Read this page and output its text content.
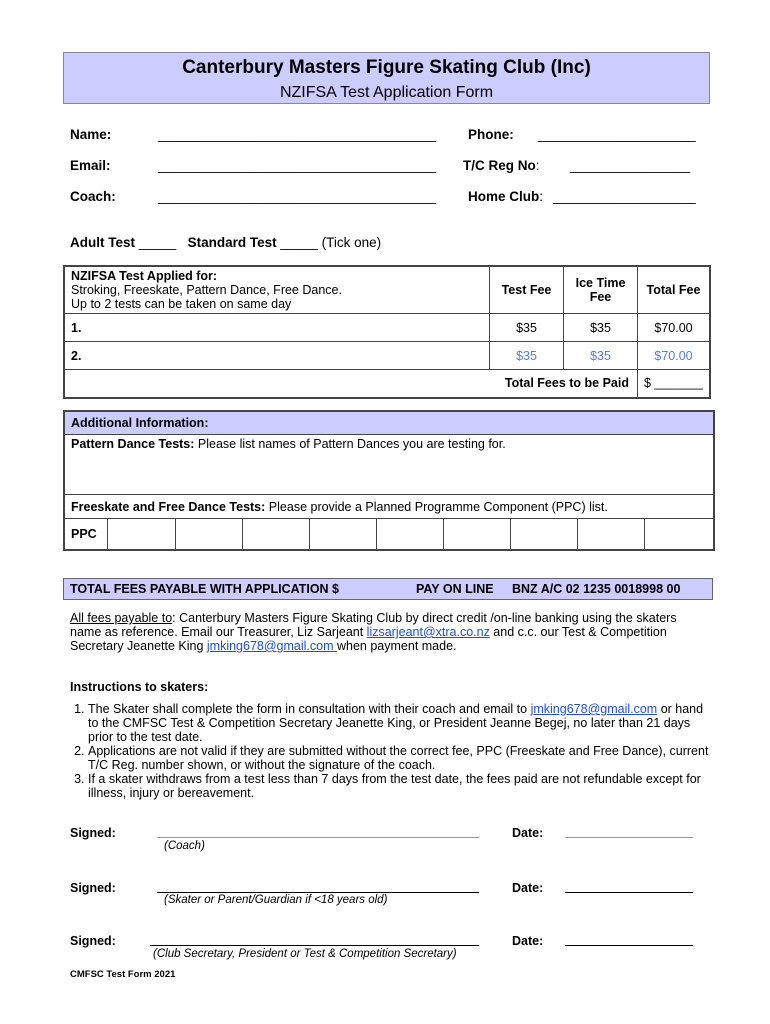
Canterbury Masters Figure Skating Club (Inc)
NZIFSA Test Application Form
Name:	_____________________________________ Phone: _____________________
Email:	_____________________________________ T/C Reg No: ________________
Coach:	_____________________________________ Home Club: ___________________
Adult Test _____ Standard Test _____ (Tick one)
NZIFSA Test Applied for:
Stroking, Freeskate, Pattern Dance, Free Dance.
Up to 2 tests can be taken on same day	Test Fee	Ice Time Fee	Total Fee
1.	$35	$35	$70.00
2.	$35	$35	$70.00
Total Fees to be Paid			$ _______
Additional Information:
Pattern Dance Tests: Please list names of Pattern Dances you are testing for.
Freeskate and Free Dance Tests: Please provide a Planned Programme Component (PPC) list.
PPC
TOTAL FEES PAYABLE WITH APPLICATION $	PAY ON LINE BNZ A/C 02 1235 0018998 00
All fees payable to: Canterbury Masters Figure Skating Club by direct credit /on-line banking using the skaters
name as reference. Email our Treasurer, Liz Sarjeant lizsarjeant@xtra.co.nz and c.c. our Test & Competition
Secretary Jeanette King jmking678@gmail.com when payment made.
Instructions to skaters:
1. The Skater shall complete the form in consultation with their coach and email to jmking678@gmail.com or hand to the CMFSC Test & Competition Secretary Jeanette King, or President Jeanne Begej, no later than 21 days prior to the test date.
2. Applications are not valid if they are submitted without the correct fee, PPC (Freeskate and Free Dance), current T/C Reg. number shown, or without the signature of the coach.
3. If a skater withdraws from a test less than 7 days from the test date, the fees paid are not refundable except for illness, injury or bereavement.
Signed:
(Coach)
Date:
Signed:
(Skater or Parent/Guardian if <18 years old)
Date:
Signed:
(Club Secretary, President or Test & Competition Secretary)
Date:
CMFSC Test Form 2021
